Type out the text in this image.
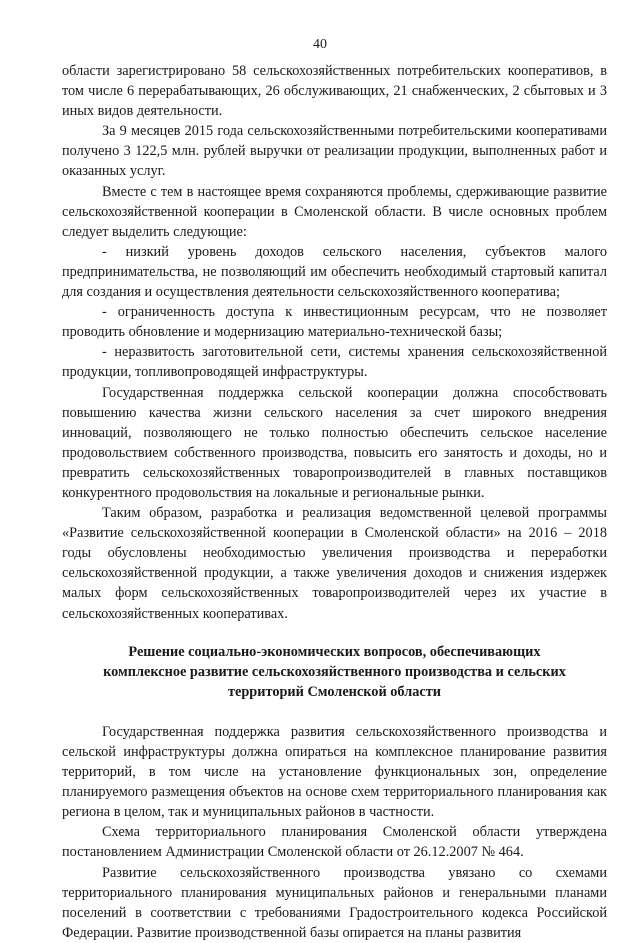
40

области зарегистрировано 58 сельскохозяйственных потребительских кооперативов, в том числе 6 перерабатывающих, 26 обслуживающих, 21 снабженческих, 2 сбытовых и 3 иных видов деятельности.

За 9 месяцев 2015 года сельскохозяйственными потребительскими кооперативами получено 3 122,5 млн. рублей выручки от реализации продукции, выполненных работ и оказанных услуг.

Вместе с тем в настоящее время сохраняются проблемы, сдерживающие развитие сельскохозяйственной кооперации в Смоленской области. В числе основных проблем следует выделить следующие:

- низкий уровень доходов сельского населения, субъектов малого предпринимательства, не позволяющий им обеспечить необходимый стартовый капитал для создания и осуществления деятельности сельскохозяйственного кооператива;

- ограниченность доступа к инвестиционным ресурсам, что не позволяет проводить обновление и модернизацию материально-технической базы;

- неразвитость заготовительной сети, системы хранения сельскохозяйственной продукции, топливопроводящей инфраструктуры.

Государственная поддержка сельской кооперации должна способствовать повышению качества жизни сельского населения за счет широкого внедрения инноваций, позволяющего не только полностью обеспечить сельское население продовольствием собственного производства, повысить его занятость и доходы, но и превратить сельскохозяйственных товаропроизводителей в главных поставщиков конкурентного продовольствия на локальные и региональные рынки.

Таким образом, разработка и реализация ведомственной целевой программы «Развитие сельскохозяйственной кооперации в Смоленской области» на 2016 – 2018 годы обусловлены необходимостью увеличения производства и переработки сельскохозяйственной продукции, а также увеличения доходов и снижения издержек малых форм сельскохозяйственных товаропроизводителей через их участие в сельскохозяйственных кооперативах.

Решение социально-экономических вопросов, обеспечивающих комплексное развитие сельскохозяйственного производства и сельских территорий Смоленской области

Государственная поддержка развития сельскохозяйственного производства и сельской инфраструктуры должна опираться на комплексное планирование развития территорий, в том числе на установление функциональных зон, определение планируемого размещения объектов на основе схем территориального планирования как региона в целом, так и муниципальных районов в частности.

Схема территориального планирования Смоленской области утверждена постановлением Администрации Смоленской области от 26.12.2007 № 464.

Развитие сельскохозяйственного производства увязано со схемами территориального планирования муниципальных районов и генеральными планами поселений в соответствии с требованиями Градостроительного кодекса Российской Федерации. Развитие производственной базы опирается на планы развития
